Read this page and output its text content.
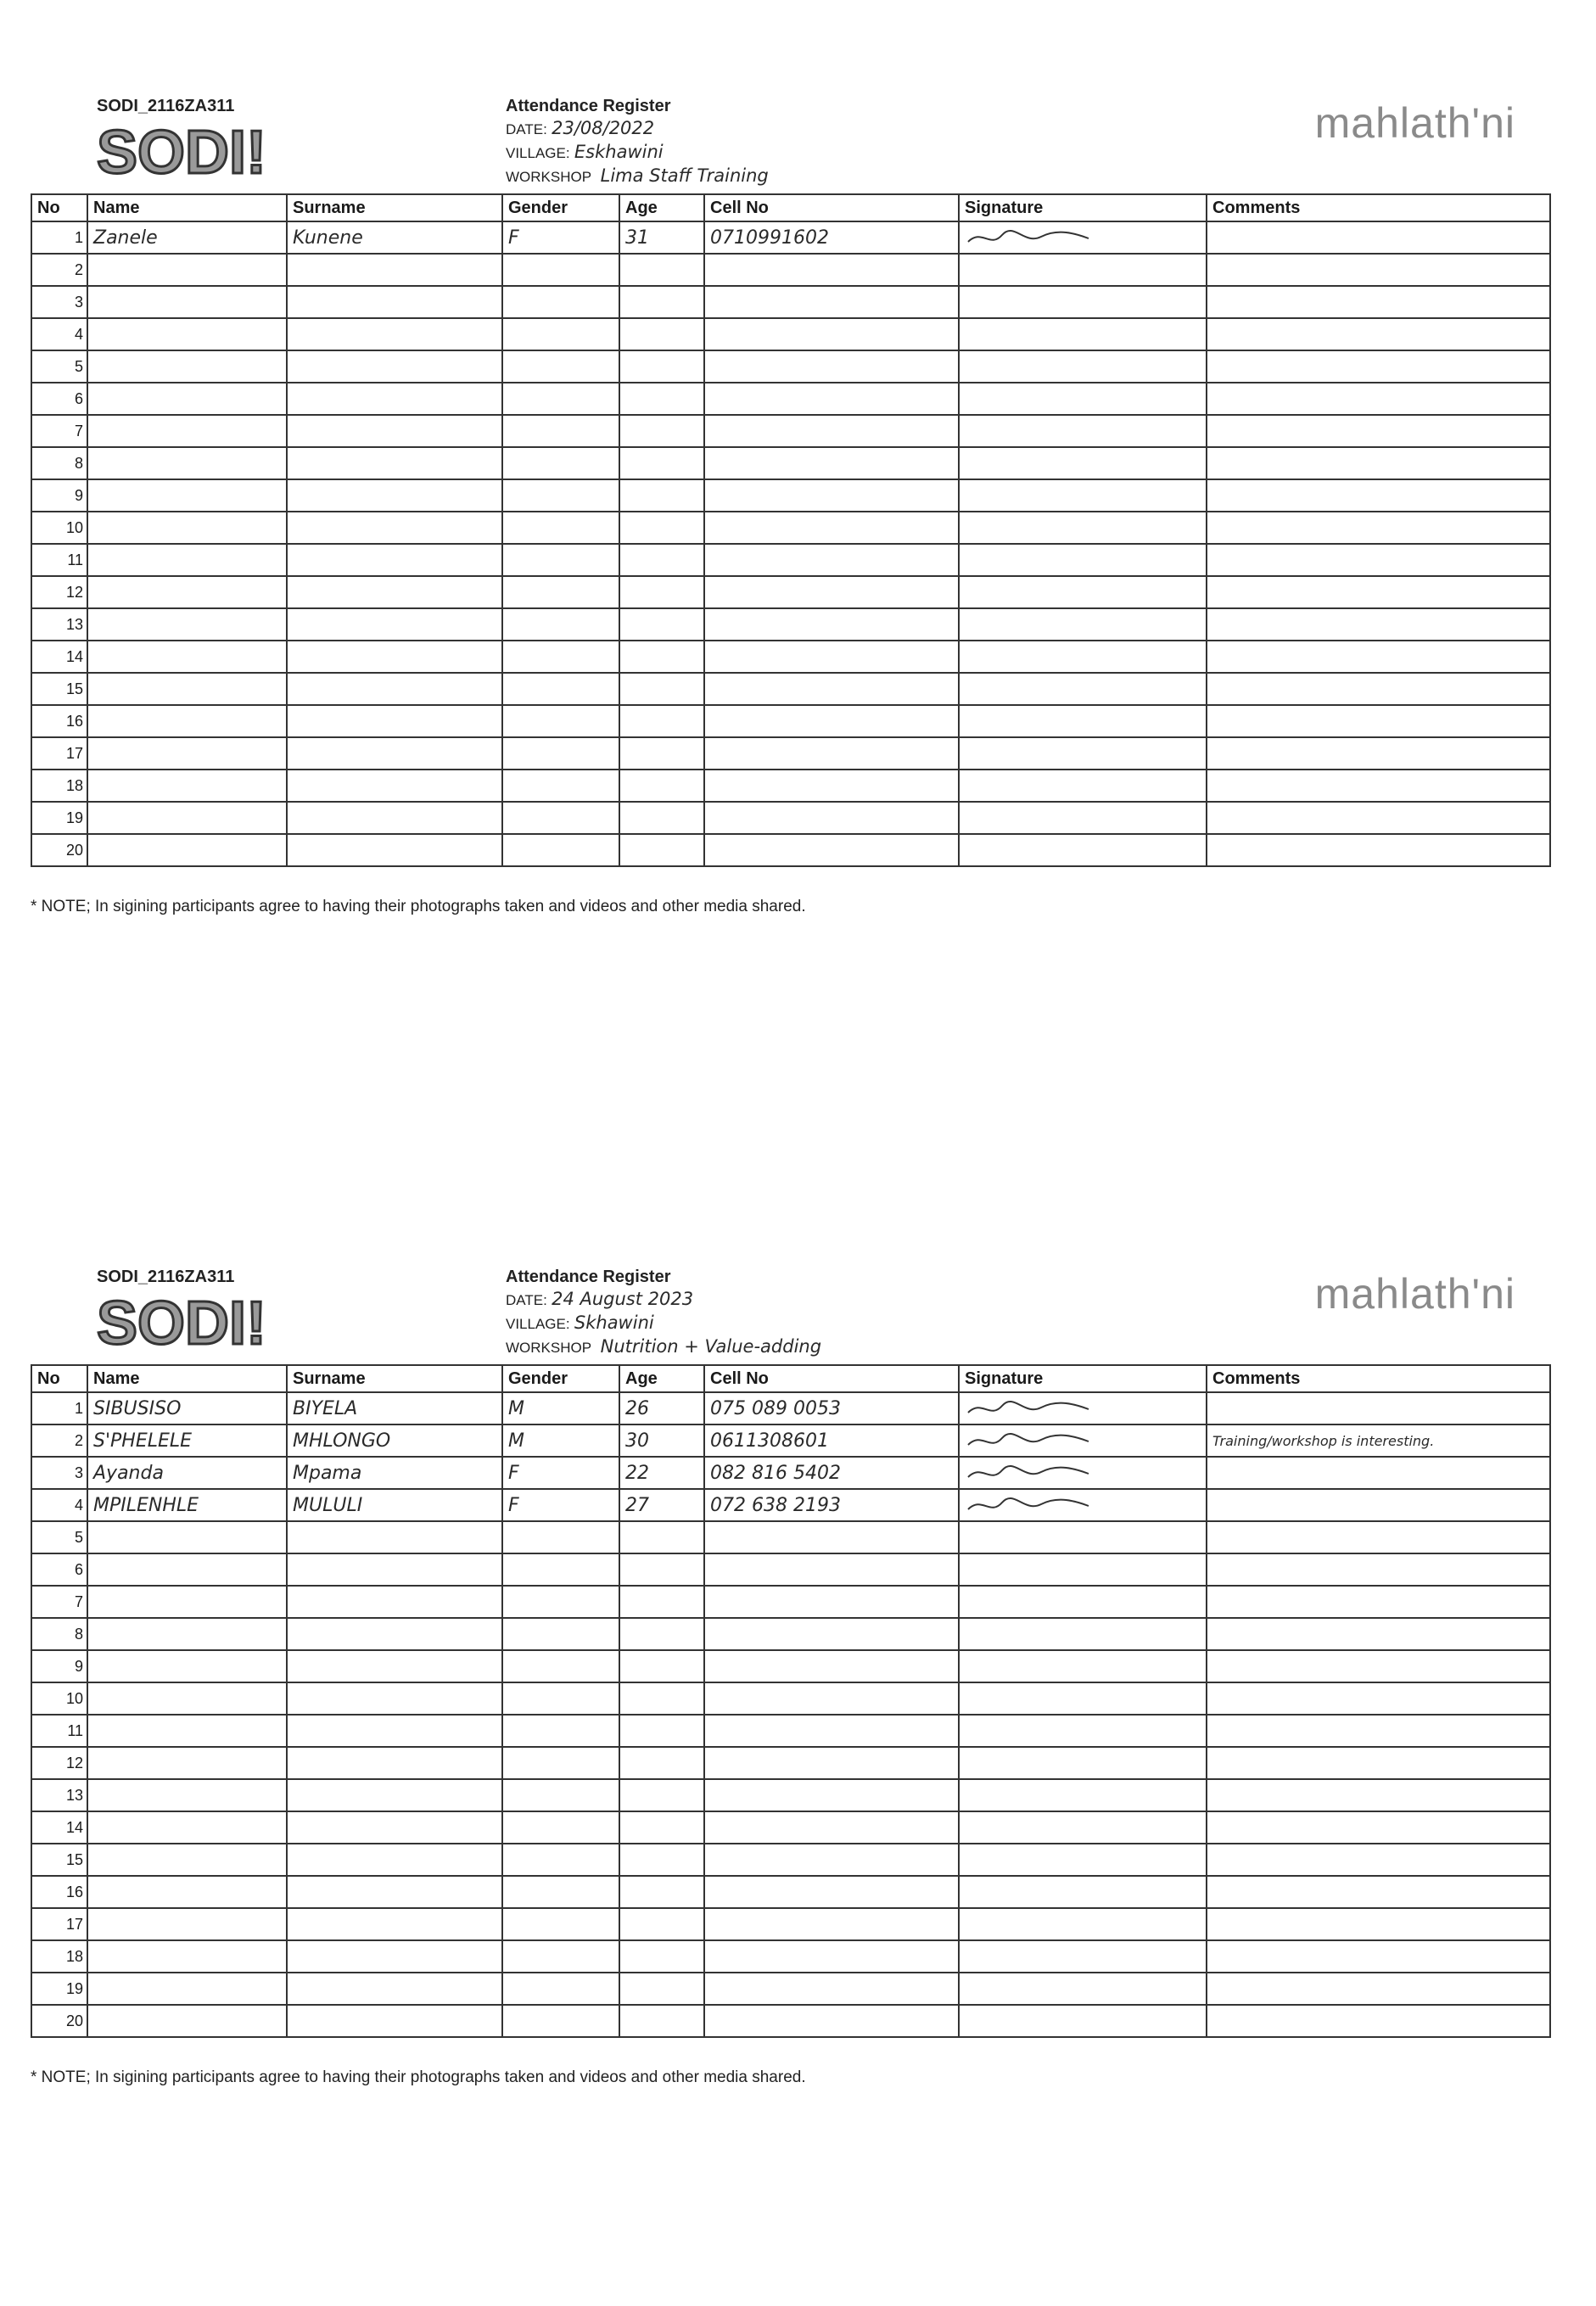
SODI_2116ZA311
SODI!
Attendance Register
DATE: 23/08/2022
VILLAGE: Eskhawini
WORKSHOP Lima Staff Training
mahlath'ni
No	Name	Surname	Gender	Age	Cell No	Signature	Comments
1	Zanele	Kunene	F	31	0710991602		
2							
3							
4							
5							
6							
7							
8							
9							
10							
11							
12							
13							
14							
15							
16							
17							
18							
19							
20							
* NOTE; In sigining participants agree to having their photographs taken and videos and other media shared.
SODI_2116ZA311
SODI!
Attendance Register
DATE: 24 August 2023
VILLAGE: Skhawini
WORKSHOP Nutrition + Value-adding
mahlath'ni
No	Name	Surname	Gender	Age	Cell No	Signature	Comments
1	SIBUSISO	BIYELA	M	26	075 089 0053		
2	S'PHELELE	MHLONGO	M	30	0611308601		Training/workshop is interesting.
3	Ayanda	Mpama	F	22	082 816 5402		
4	MPILENHLE	MULULI	F	27	072 638 2193		
5							
6							
7							
8							
9							
10							
11							
12							
13							
14							
15							
16							
17							
18							
19							
20							
* NOTE; In sigining participants agree to having their photographs taken and videos and other media shared.
